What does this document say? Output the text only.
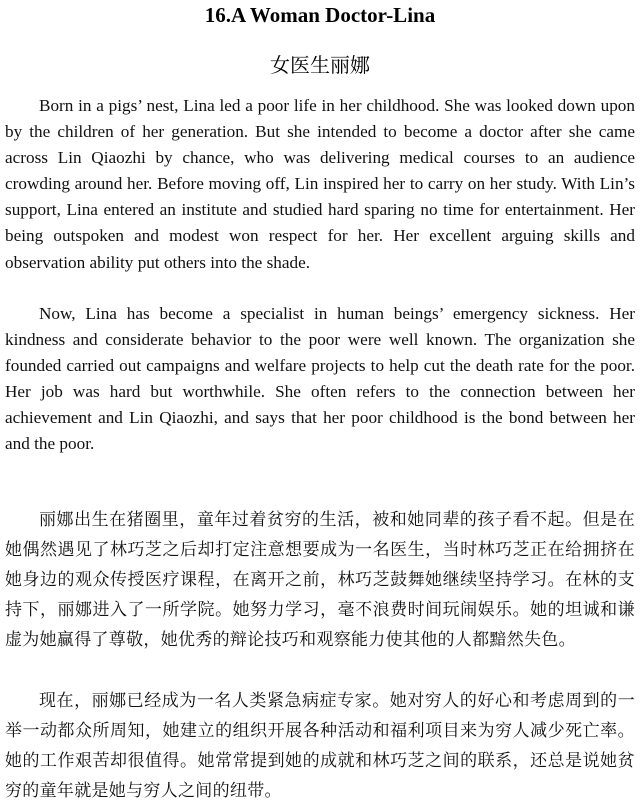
16.A Woman Doctor-Lina
女医生丽娜

Born in a pigs’ nest, Lina led a poor life in her childhood. She was looked down upon by the children of her generation. But she intended to become a doctor after she came across Lin Qiaozhi by chance, who was delivering medical courses to an audience crowding around her. Before moving off, Lin inspired her to carry on her study. With Lin’s support, Lina entered an institute and studied hard sparing no time for entertainment. Her being outspoken and modest won respect for her. Her excellent arguing skills and observation ability put others into the shade.

Now, Lina has become a specialist in human beings’ emergency sickness. Her kindness and considerate behavior to the poor were well known. The organization she founded carried out campaigns and welfare projects to help cut the death rate for the poor. Her job was hard but worthwhile. She often refers to the connection between her achievement and Lin Qiaozhi, and says that her poor childhood is the bond between her and the poor.

丽娜出生在猪圈里，童年过着贫穷的生活，被和她同辈的孩子看不起。但是在她偶然遇见了林巧芝之后却打定注意想要成为一名医生，当时林巧芝正在给拥挤在她身边的观众传授医疗课程，在离开之前，林巧芝鼓舞她继续坚持学习。在林的支持下，丽娜进入了一所学院。她努力学习，毫不浪费时间玩闹娱乐。她的坦诚和谦虚为她赢得了尊敬，她优秀的辩论技巧和观察能力使其他的人都黯然失色。

现在，丽娜已经成为一名人类紧急病症专家。她对穷人的好心和考虑周到的一举一动都众所周知，她建立的组织开展各种活动和福利项目来为穷人减少死亡率。她的工作艰苦却很值得。她常常提到她的成就和林巧芝之间的联系，还总是说她贫穷的童年就是她与穷人之间的纽带。
